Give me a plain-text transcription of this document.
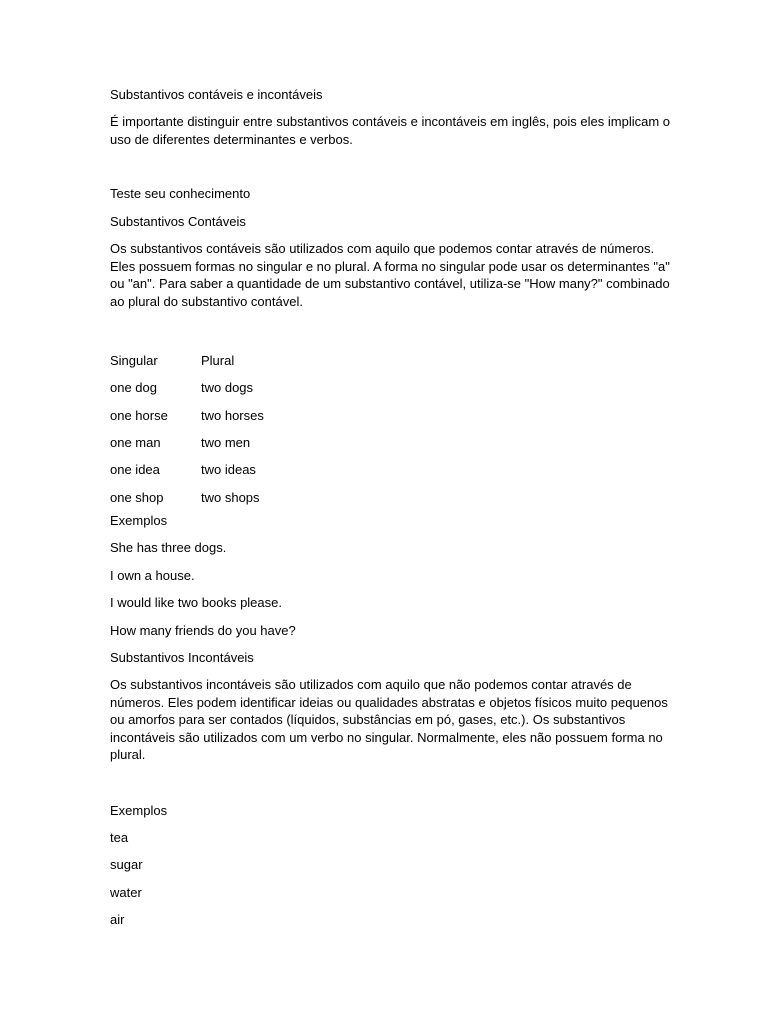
Substantivos contáveis e incontáveis

É importante distinguir entre substantivos contáveis e incontáveis em inglês, pois eles implicam o uso de diferentes determinantes e verbos.

Teste seu conhecimento

Substantivos Contáveis

Os substantivos contáveis são utilizados com aquilo que podemos contar através de números. Eles possuem formas no singular e no plural. A forma no singular pode usar os determinantes "a" ou "an". Para saber a quantidade de um substantivo contável, utiliza-se "How many?" combinado ao plural do substantivo contável.

Singular	Plural
one dog	two dogs
one horse	two horses
one man	two men
one idea	two ideas
one shop	two shops

Exemplos

She has three dogs.

I own a house.

I would like two books please.

How many friends do you have?

Substantivos Incontáveis

Os substantivos incontáveis são utilizados com aquilo que não podemos contar através de números. Eles podem identificar ideias ou qualidades abstratas e objetos físicos muito pequenos ou amorfos para ser contados (líquidos, substâncias em pó, gases, etc.). Os substantivos incontáveis são utilizados com um verbo no singular. Normalmente, eles não possuem forma no plural.

Exemplos

tea

sugar

water

air
